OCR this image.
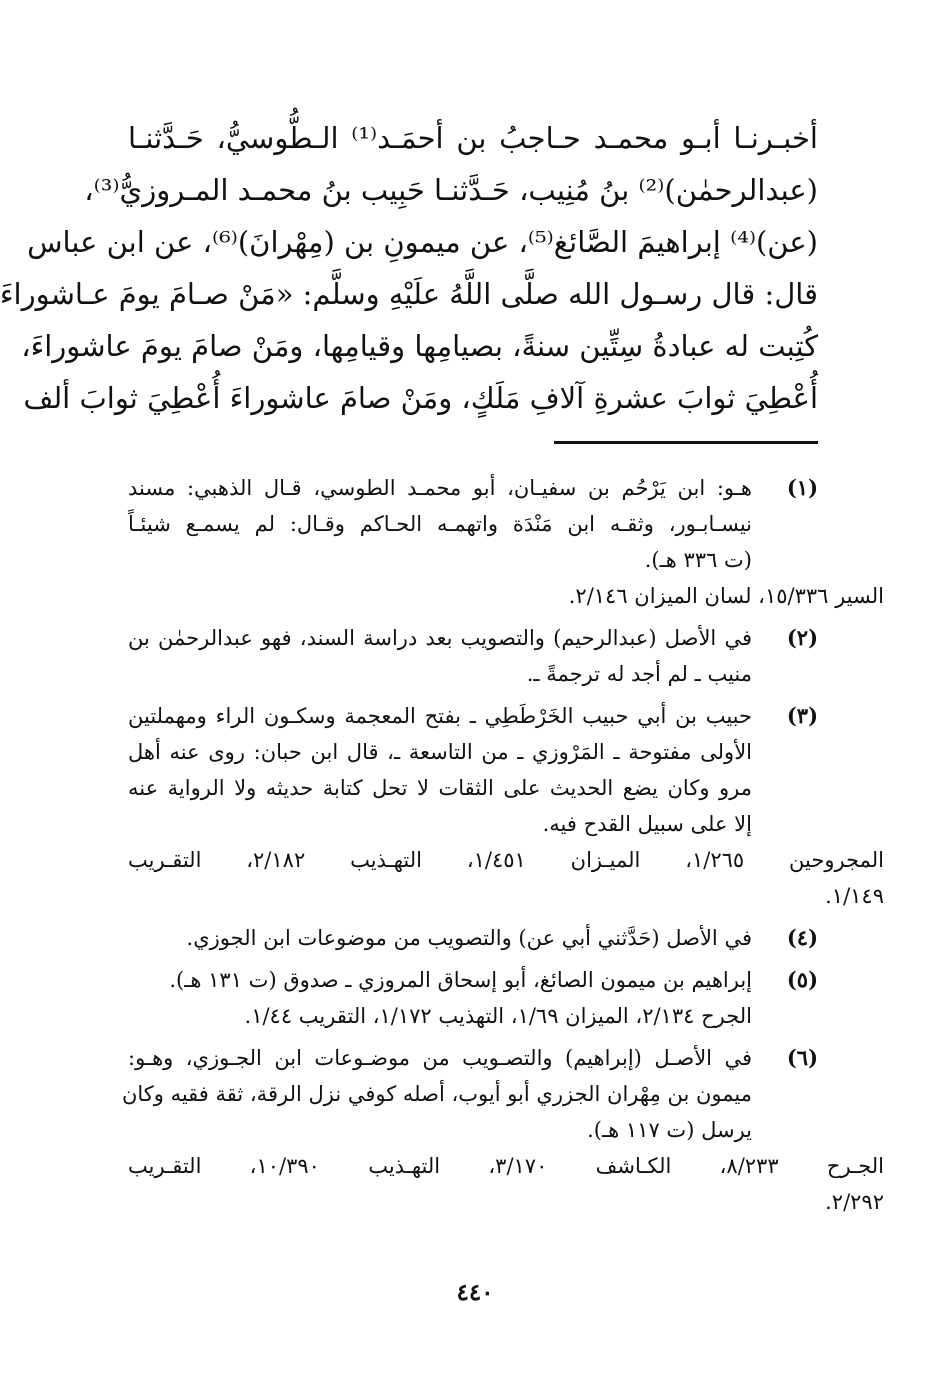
أخبـرنـا أبـو محمـد حـاجبُ بن أحمَـد⁽¹⁾ الـطُّوسيُّ، حَـدَّثنـا
(عبدالرحمٰن)⁽²⁾ بنُ مُنِيب، حَـدَّثنـا حَبِيب بنُ محمـد المـروزيُّ⁽³⁾،
(عن)⁽⁴⁾ إبراهيمَ الصَّائغ⁽⁵⁾، عن ميمونِ بن (مِهْرانَ)⁽⁶⁾، عن ابن عباس
قال: قال رسـول الله صلَّى اللَّهُ علَيْهِ وسلَّم: «مَنْ صـامَ يومَ عـاشوراءَ
كُتِبت له عبادةُ سِتِّين سنةً، بصيامِها وقيامِها، ومَنْ صامَ يومَ عاشوراءَ،
أُعْطِيَ ثوابَ عشرةِ آلافِ مَلَكٍ، ومَنْ صامَ عاشوراءَ أُعْطِيَ ثوابَ ألف
(١)
هـو: ابن يَرْحُم بن سفيـان، أبو محمـد الطوسي، قـال الذهبي: مسند
نيسـابـور، وثقـه ابن مَنْدَة واتهمـه الحـاكم وقـال: لم يسمـع شيئـاً
(ت ٣٣٦ هـ).
السير ١٥/٣٣٦، لسان الميزان ٢/١٤٦.
(٢)
في الأصل (عبدالرحيم) والتصويب بعد دراسة السند، فهو عبدالرحمٰن بن
منيب ـ لم أجد له ترجمةً ـ.
(٣)
حبيب بن أبي حبيب الخَرْطَطِي ـ بفتح المعجمة وسكـون الراء ومهملتين
الأولى مفتوحة ـ المَرْوزي ـ من التاسعة ـ، قال ابن حبان: روى عنه أهل
مرو وكان يضع الحديث على الثقات لا تحل كتابة حديثه ولا الرواية عنه
إلا على سبيل القدح فيه.
المجروحين ١/٢٦٥، الميـزان ١/٤٥١، التهـذيب ٢/١٨٢، التقـريب
١/١٤٩.
(٤)
في الأصل (حَدَّثني أبي عن) والتصويب من موضوعات ابن الجوزي.
(٥)
إبراهيم بن ميمون الصائغ، أبو إسحاق المروزي ـ صدوق (ت ١٣١ هـ).
الجرح ٢/١٣٤، الميزان ١/٦٩، التهذيب ١/١٧٢، التقريب ١/٤٤.
(٦)
في الأصـل (إبراهيم) والتصـويب من موضـوعات ابن الجـوزي، وهـو:
ميمون بن مِهْران الجزري أبو أيوب، أصله كوفي نزل الرقة، ثقة فقيه وكان
يرسل (ت ١١٧ هـ).
الجـرح ٨/٢٣٣، الكـاشف ٣/١٧٠، التهـذيب ١٠/٣٩٠، التقـريب
٢/٢٩٢.
٤٤٠
